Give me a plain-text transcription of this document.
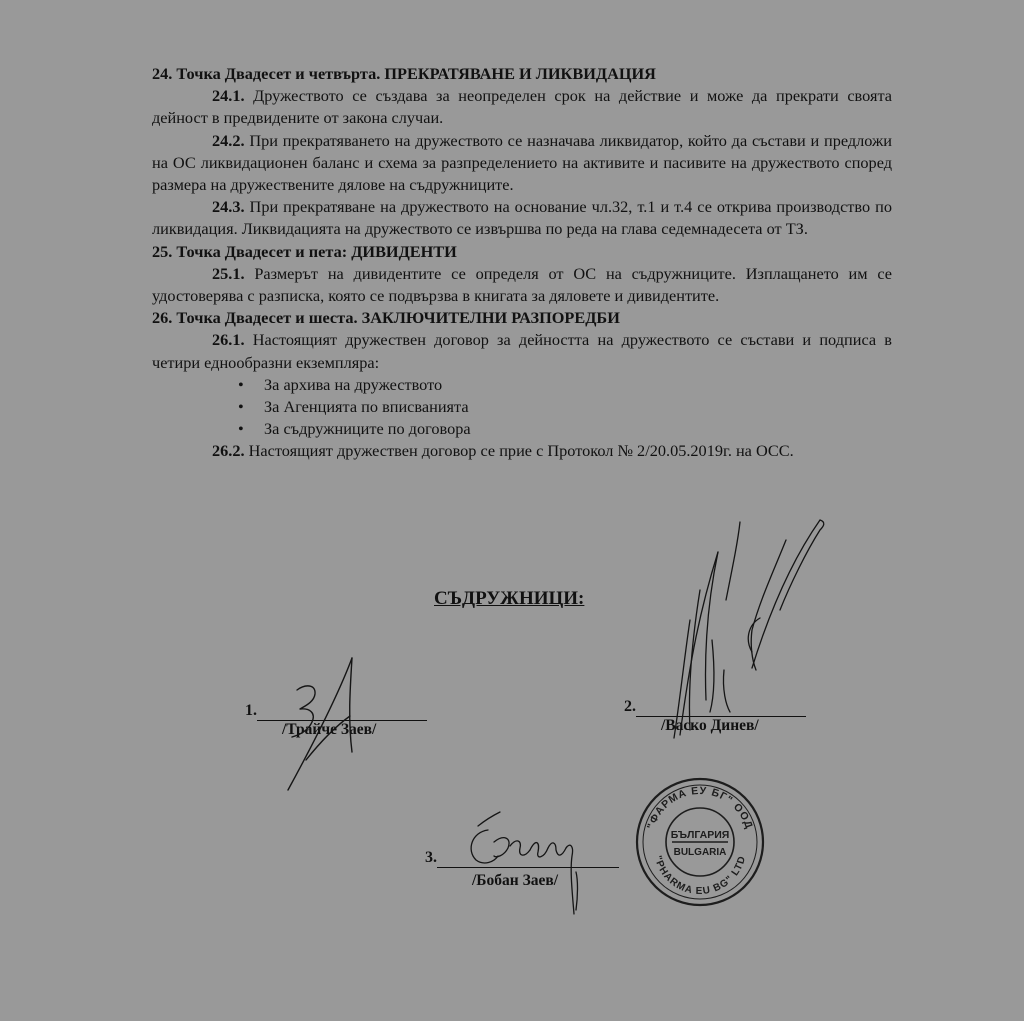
24. Точка Двадесет и четвърта. ПРЕКРАТЯВАНЕ И ЛИКВИДАЦИЯ
24.1. Дружеството се създава за неопределен срок на действие и може да прекрати своята дейност в предвидените от закона случаи.
24.2. При прекратяването на дружеството се назначава ликвидатор, който да състави и предложи на ОС ликвидационен баланс и схема за разпределението на активите и пасивите на дружеството според размера на дружествените дялове на съдружниците.
24.3. При прекратяване на дружеството на основание чл.32, т.1 и т.4 се открива производство по ликвидация. Ликвидацията на дружеството се извършва по реда на глава седемнадесета от ТЗ.
25. Точка Двадесет и пета: ДИВИДЕНТИ
25.1. Размерът на дивидентите се определя от ОС на съдружниците. Изплащането им се удостоверява с разписка, която се подвързва в книгата за дяловете и дивидентите.
26. Точка Двадесет и шеста. ЗАКЛЮЧИТЕЛНИ РАЗПОРЕДБИ
26.1. Настоящият дружествен договор за дейността на дружеството се състави и подписа в четири еднообразни екземпляра:
• За архива на дружеството
• За Агенцията по вписванията
• За съдружниците по договора
26.2. Настоящият дружествен договор се прие с Протокол № 2/20.05.2019г. на ОСС.
СЪДРУЖНИЦИ:
1.
/Трайче Заев/
2.
/Васко Динев/
3.
/Бобан Заев/
"ФАРМА ЕУ БГ" ООД
"PHARMA EU BG" LTD
БЪЛГАРИЯ
BULGARIA
